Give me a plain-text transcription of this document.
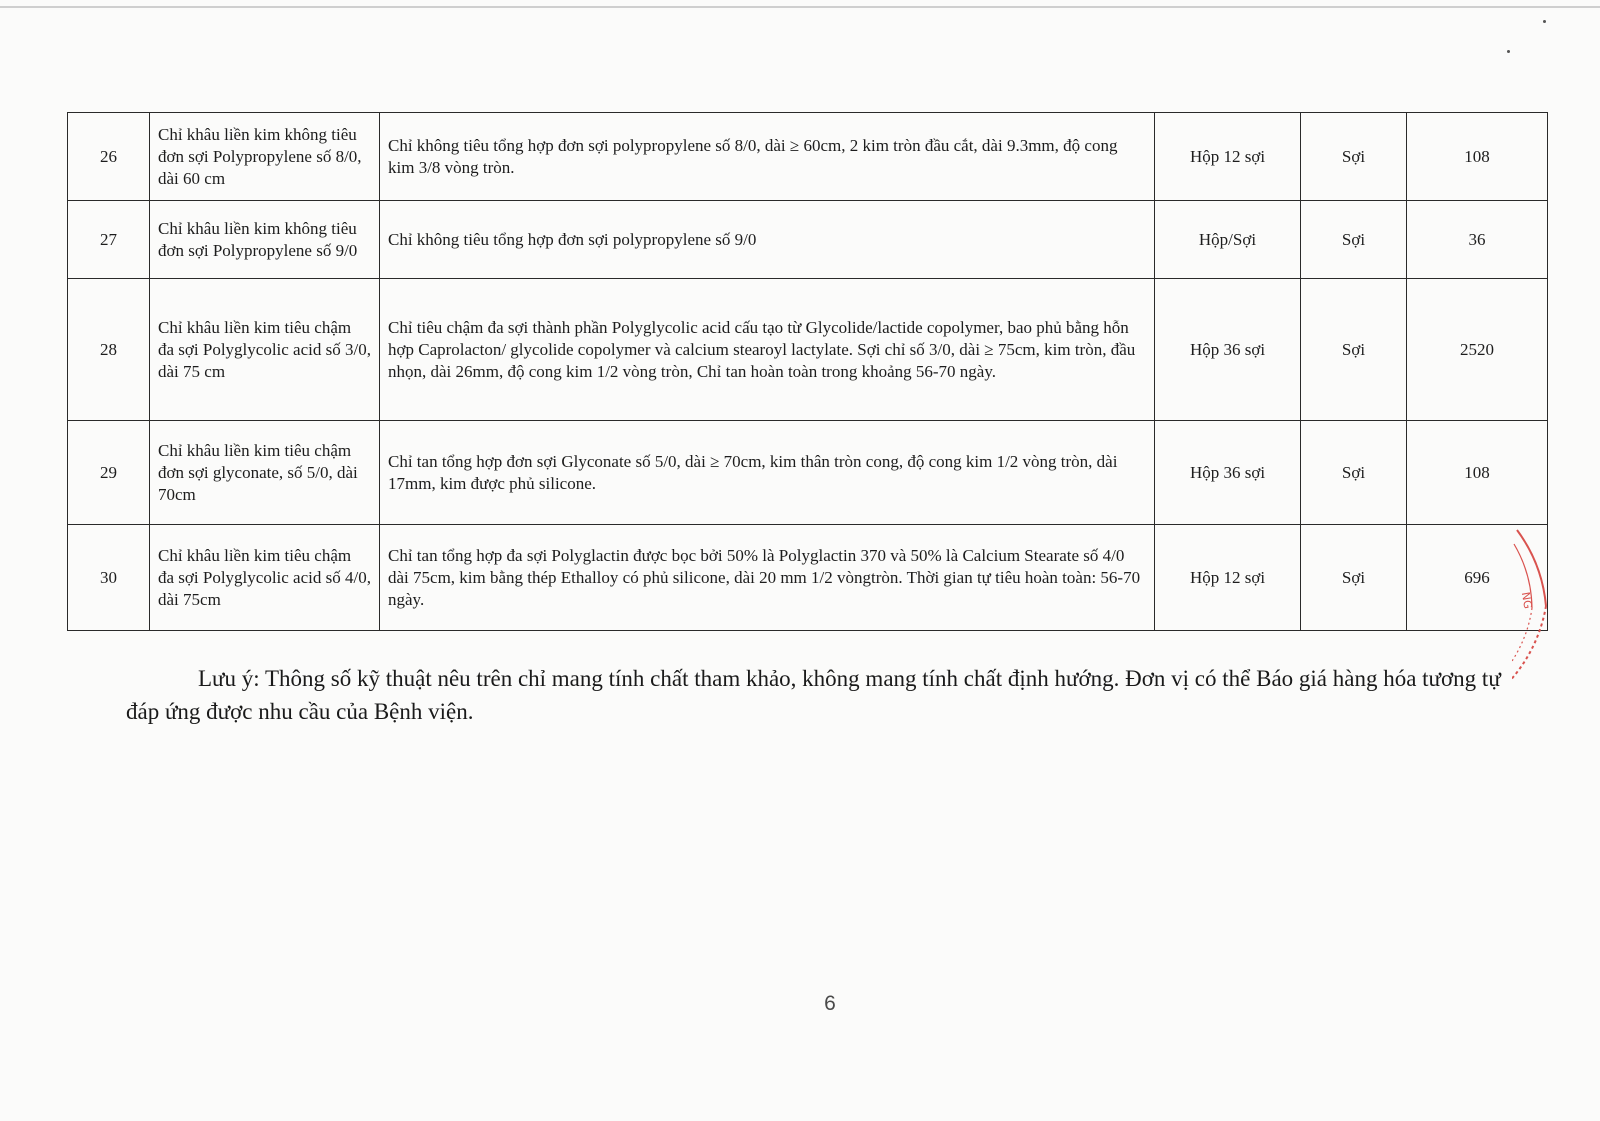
26	Chỉ khâu liền kim không tiêu đơn sợi Polypropylene số 8/0, dài 60 cm	Chỉ không tiêu tổng hợp đơn sợi polypropylene số 8/0, dài ≥ 60cm, 2 kim tròn đầu cắt, dài 9.3mm, độ cong kim 3/8 vòng tròn.	Hộp 12 sợi	Sợi	108
27	Chỉ khâu liền kim không tiêu đơn sợi Polypropylene số 9/0	Chỉ không tiêu tổng hợp đơn sợi polypropylene số 9/0	Hộp/Sợi	Sợi	36
28	Chỉ khâu liền kim tiêu chậm đa sợi Polyglycolic acid số 3/0, dài 75 cm	Chỉ tiêu chậm đa sợi thành phần Polyglycolic acid cấu tạo từ Glycolide/lactide copolymer, bao phủ bằng hỗn hợp Caprolacton/ glycolide copolymer và calcium stearoyl lactylate. Sợi chỉ số 3/0, dài ≥ 75cm, kim tròn, đầu nhọn, dài 26mm, độ cong kim 1/2 vòng tròn, Chỉ tan hoàn toàn trong khoảng 56-70 ngày.	Hộp 36 sợi	Sợi	2520
29	Chỉ khâu liền kim tiêu chậm đơn sợi glyconate, số 5/0, dài 70cm	Chỉ tan tổng hợp đơn sợi Glyconate số 5/0, dài ≥ 70cm, kim thân tròn cong, độ cong kim 1/2 vòng tròn, dài 17mm, kim được phủ silicone.	Hộp 36 sợi	Sợi	108
30	Chỉ khâu liền kim tiêu chậm đa sợi Polyglycolic acid số 4/0, dài 75cm	Chỉ tan tổng hợp đa sợi Polyglactin được bọc bởi 50% là Polyglactin 370 và 50% là Calcium Stearate số 4/0 dài 75cm, kim bằng thép Ethalloy có phủ silicone, dài 20 mm 1/2 vòngtròn. Thời gian tự tiêu hoàn toàn: 56-70 ngày.	Hộp 12 sợi	Sợi	696
Lưu ý: Thông số kỹ thuật nêu trên chỉ mang tính chất tham khảo, không mang tính chất định hướng. Đơn vị có thể Báo giá hàng hóa tương tự đáp ứng được nhu cầu của Bệnh viện.
6
NG
